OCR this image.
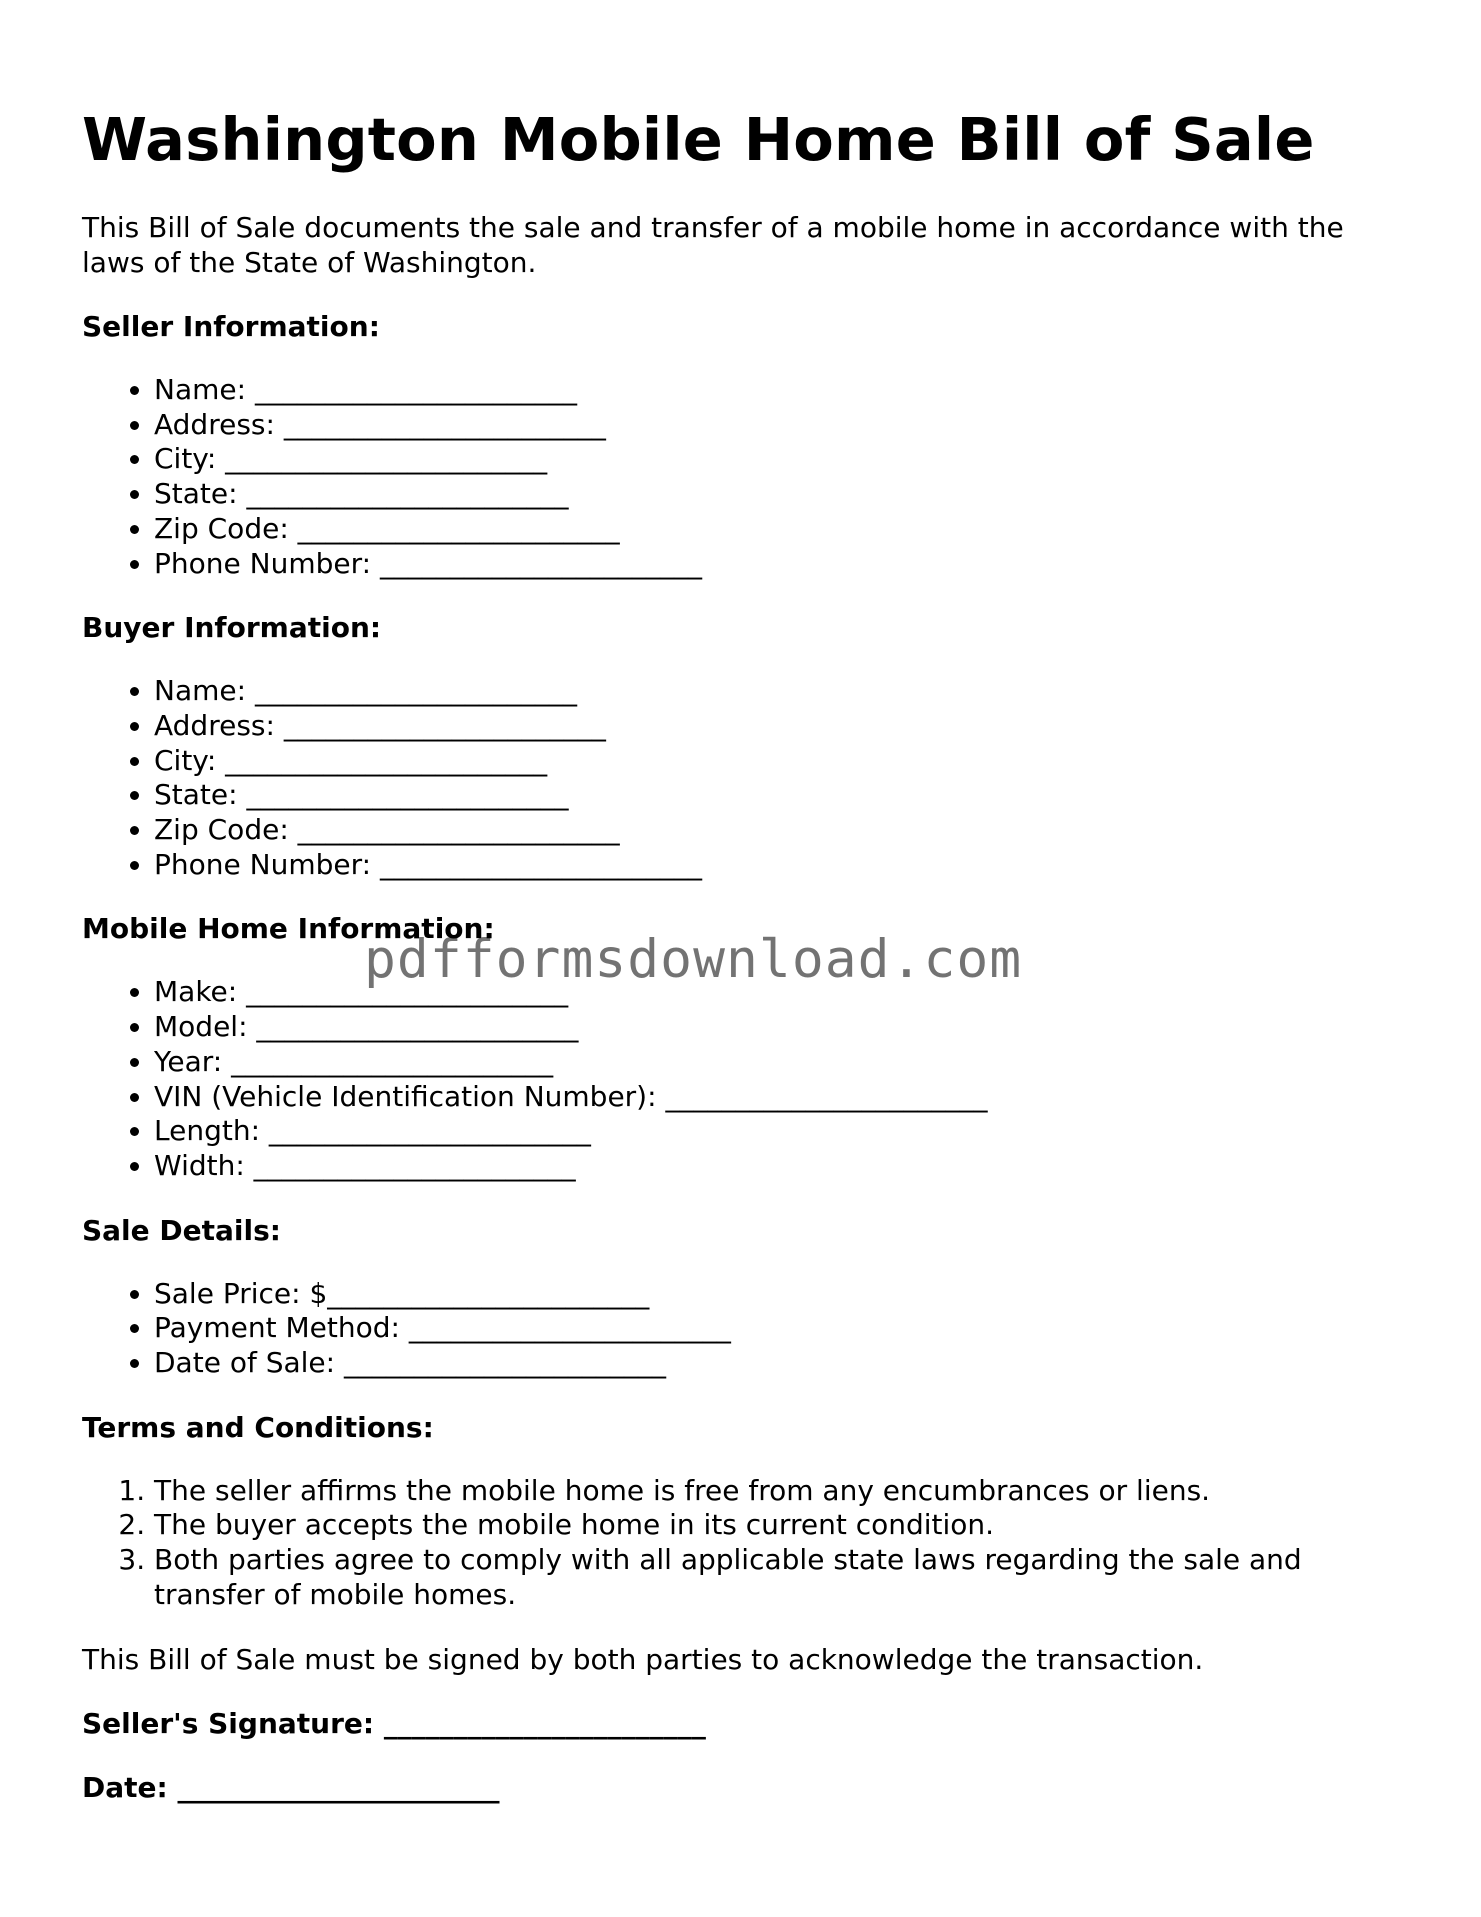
Washington Mobile Home Bill of Sale

This Bill of Sale documents the sale and transfer of a mobile home in accordance with the laws of the State of Washington.

Seller Information:
• Name: _______________________
• Address: _______________________
• City: _______________________
• State: _______________________
• Zip Code: _______________________
• Phone Number: _______________________
Buyer Information:
• Name: _______________________
• Address: _______________________
• City: _______________________
• State: _______________________
• Zip Code: _______________________
• Phone Number: _______________________
Mobile Home Information:
• Make: _______________________
• Model: _______________________
• Year: _______________________
• VIN (Vehicle Identification Number): _______________________
• Length: _______________________
• Width: _______________________
Sale Details:
• Sale Price: $_______________________
• Payment Method: _______________________
• Date of Sale: _______________________
Terms and Conditions:
1. The seller affirms the mobile home is free from any encumbrances or liens.
2. The buyer accepts the mobile home in its current condition.
3. Both parties agree to comply with all applicable state laws regarding the sale and transfer of mobile homes.

This Bill of Sale must be signed by both parties to acknowledge the transaction.

Seller's Signature: _______________________
Date: _______________________
pdfformsdownload.com
